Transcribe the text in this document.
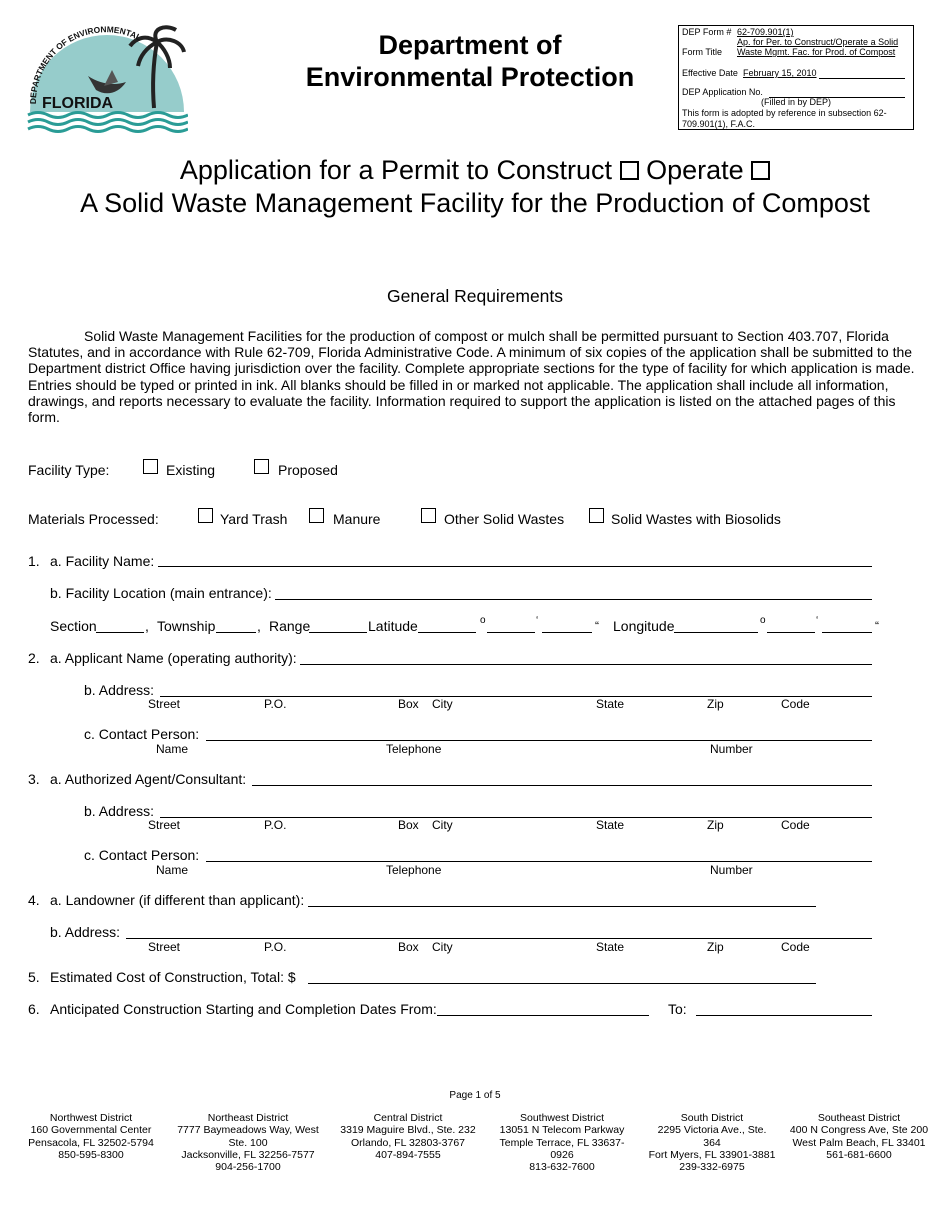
DEPARTMENT OF ENVIRONMENTAL
FLORIDA
Department of
Environmental Protection
DEP Form # 62-709.901(1)
Ap. for Per. to Construct/Operate a Solid
Form Title Waste Mgmt. Fac. for Prod. of Compost
Effective Date February 15, 2010
DEP Application No.
(Filled in by DEP)
This form is adopted by reference in subsection 62-
709.901(1), F.A.C.
Application for a Permit to Construct Operate
A Solid Waste Management Facility for the Production of Compost
General Requirements
Solid Waste Management Facilities for the production of compost or mulch shall be permitted pursuant to Section 403.707, Florida Statutes, and in accordance with Rule 62-709, Florida Administrative Code. A minimum of six copies of the application shall be submitted to the Department district Office having jurisdiction over the facility. Complete appropriate sections for the type of facility for which application is made. Entries should be typed or printed in ink. All blanks should be filled in or marked not applicable. The application shall include all information, drawings, and reports necessary to evaluate the facility. Information required to support the application is listed on the attached pages of this form.
Facility Type:	Existing	Proposed
Materials Processed:	Yard Trash	Manure	Other Solid Wastes	Solid Wastes with Biosolids
1. a. Facility Name:
b. Facility Location (main entrance):
Section	, Township	, Range	Latitude	o	‘	“ Longitude	o	‘	“
2. a. Applicant Name (operating authority):
b. Address:
Street	P.O.	Box City	State	Zip	Code
c. Contact Person:
Name	Telephone	Number
3. a. Authorized Agent/Consultant:
b. Address:
Street	P.O.	Box City	State	Zip	Code
c. Contact Person:
Name	Telephone	Number
4. a. Landowner (if different than applicant):
b. Address:
Street	P.O.	Box City	State	Zip	Code
5. Estimated Cost of Construction, Total: $
6. Anticipated Construction Starting and Completion Dates From:	To:
Page 1 of 5
Northwest District
160 Governmental Center
Pensacola, FL 32502-5794
850-595-8300
Northeast District
7777 Baymeadows Way, West
Ste. 100
Jacksonville, FL 32256-7577
904-256-1700
Central District
3319 Maguire Blvd., Ste. 232
Orlando, FL 32803-3767
407-894-7555
Southwest District
13051 N Telecom Parkway
Temple Terrace, FL 33637-
0926
813-632-7600
South District
2295 Victoria Ave., Ste.
364
Fort Myers, FL 33901-3881
239-332-6975
Southeast District
400 N Congress Ave, Ste 200
West Palm Beach, FL 33401
561-681-6600
